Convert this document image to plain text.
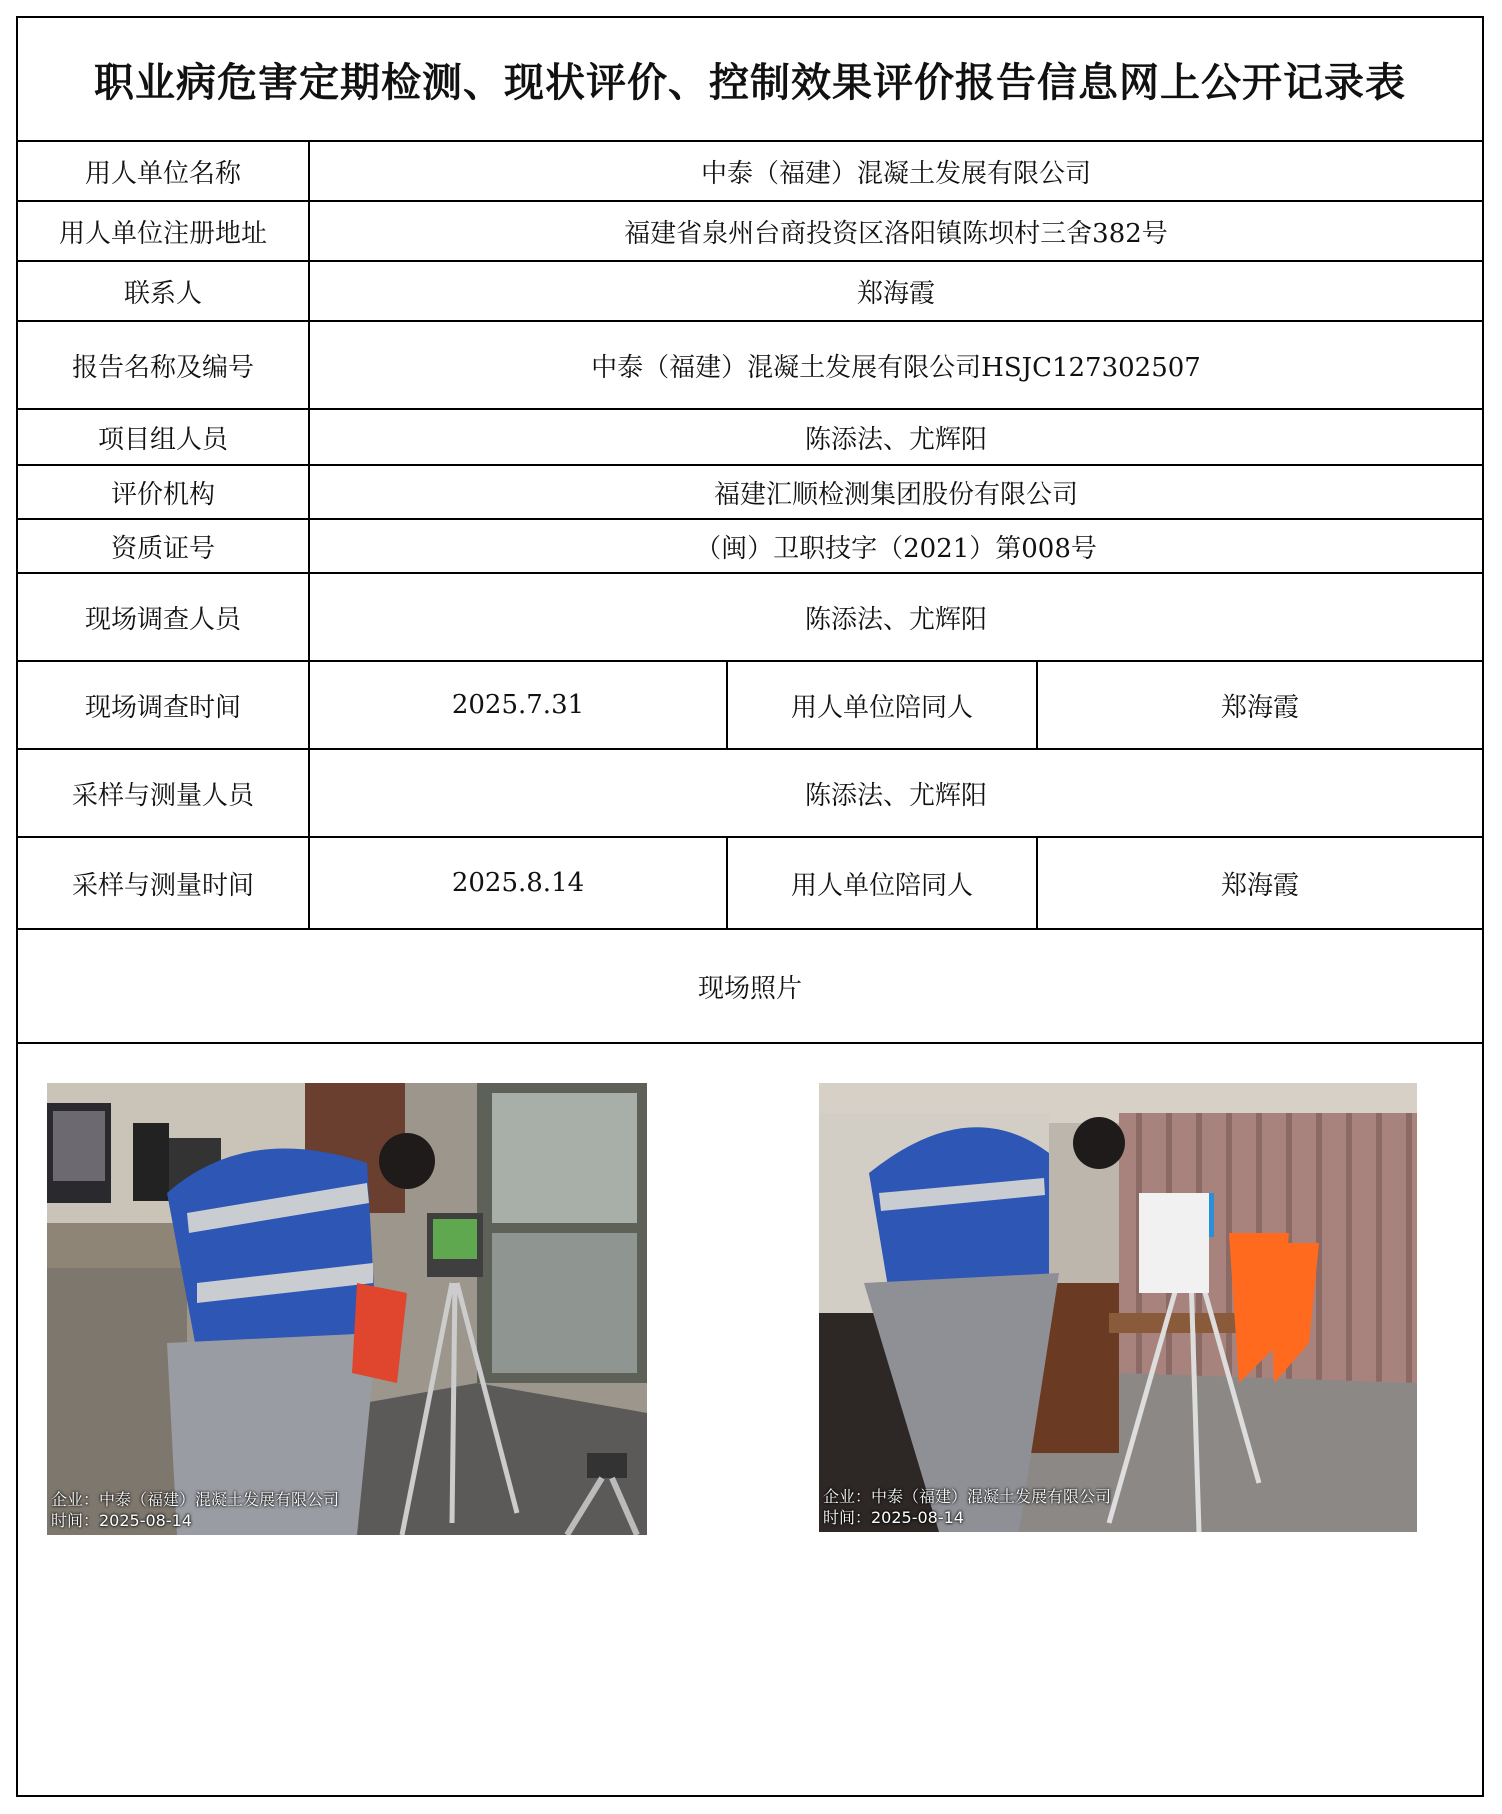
职业病危害定期检测、现状评价、控制效果评价报告信息网上公开记录表
用人单位名称	中泰（福建）混凝土发展有限公司
用人单位注册地址	福建省泉州台商投资区洛阳镇陈坝村三舍382号
联系人	郑海霞
报告名称及编号	中泰（福建）混凝土发展有限公司HSJC127302507
项目组人员	陈添法、尤辉阳
评价机构	福建汇顺检测集团股份有限公司
资质证号	（闽）卫职技字（2021）第008号
现场调查人员	陈添法、尤辉阳
现场调查时间	2025.7.31	用人单位陪同人	郑海霞
采样与测量人员	陈添法、尤辉阳
采样与测量时间	2025.8.14	用人单位陪同人	郑海霞
现场照片
企业：中泰（福建）混凝土发展有限公司
时间：2025-08-14
企业：中泰（福建）混凝土发展有限公司
时间：2025-08-14
